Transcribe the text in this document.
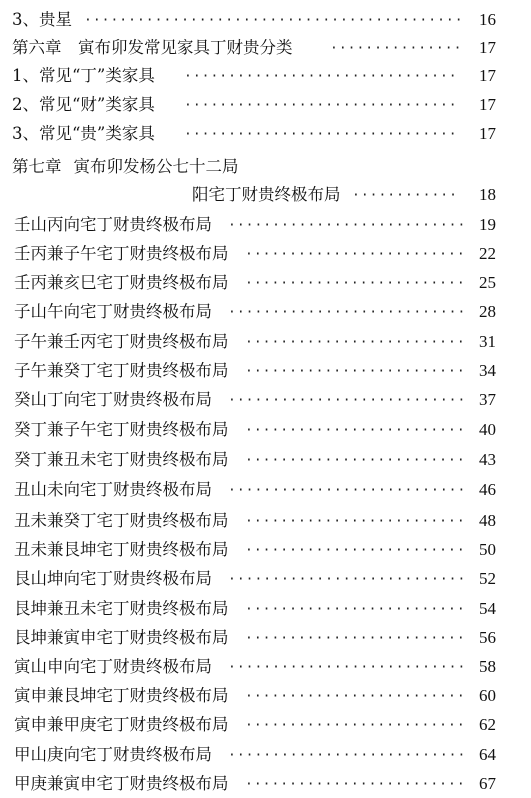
3、贵星 ··········································· 16
第六章　寅布卯发常见家具丁财贵分类	··············· 17
1、常见“丁”类家具 ·······························	17
2、常见“财”类家具 ·······························	17
3、常见“贵”类家具 ·······························	17
第七章 寅布卯发杨公七十二局
阳宅丁财贵终极布局 ············	18
壬山丙向宅丁财贵终极布局 ··························· 19
壬丙兼子午宅丁财贵终极布局 ························· 22
壬丙兼亥巳宅丁财贵终极布局 ························· 25
子山午向宅丁财贵终极布局 ··························· 28
子午兼壬丙宅丁财贵终极布局 ························· 31
子午兼癸丁宅丁财贵终极布局 ························· 34
癸山丁向宅丁财贵终极布局 ··························· 37
癸丁兼子午宅丁财贵终极布局 ························· 40
癸丁兼丑未宅丁财贵终极布局 ························· 43
丑山未向宅丁财贵终极布局 ··························· 46
丑未兼癸丁宅丁财贵终极布局 ························· 48
丑未兼艮坤宅丁财贵终极布局 ························· 50
艮山坤向宅丁财贵终极布局 ··························· 52
艮坤兼丑未宅丁财贵终极布局 ························· 54
艮坤兼寅申宅丁财贵终极布局 ························· 56
寅山申向宅丁财贵终极布局 ··························· 58
寅申兼艮坤宅丁财贵终极布局 ························· 60
寅申兼甲庚宅丁财贵终极布局 ························· 62
甲山庚向宅丁财贵终极布局 ··························· 64
甲庚兼寅申宅丁财贵终极布局 ························· 67
